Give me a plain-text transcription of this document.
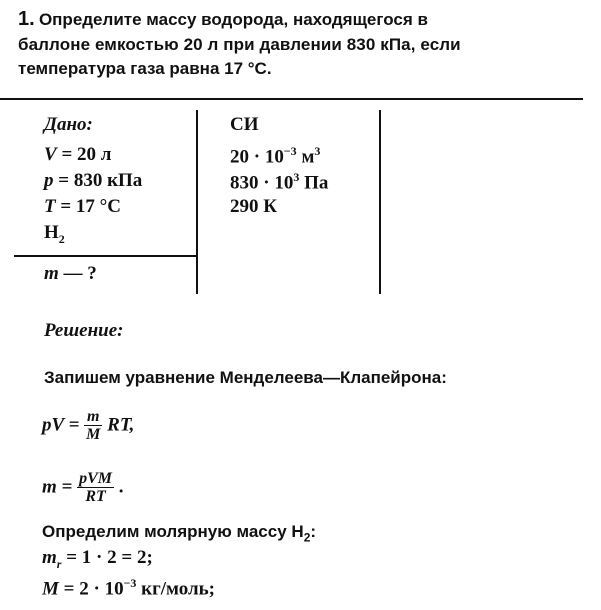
1. Определите массу водорода, находящегося в
баллоне емкостью 20 л при давлении 830 кПа, если
температура газа равна 17 °С.
Дано:
V = 20 л
p = 830 кПа
T = 17 °С
$H_2$
m — ?
СИ
$20 \cdot 10^{-3}$ $м^3$
$830 \cdot 10^3$ Па
290 К
Решение:
Запишем уравнение Менделеева—Клапейрона:
pV = $\frac{m}{M}$ RT,
$m = \frac{\text{pVM}}{RT}$ .
Определим молярную массу $H_2$:
$m_r = 1 \cdot 2 = 2$;
$M = 2 \cdot 10^{-3}$ кг/моль;
